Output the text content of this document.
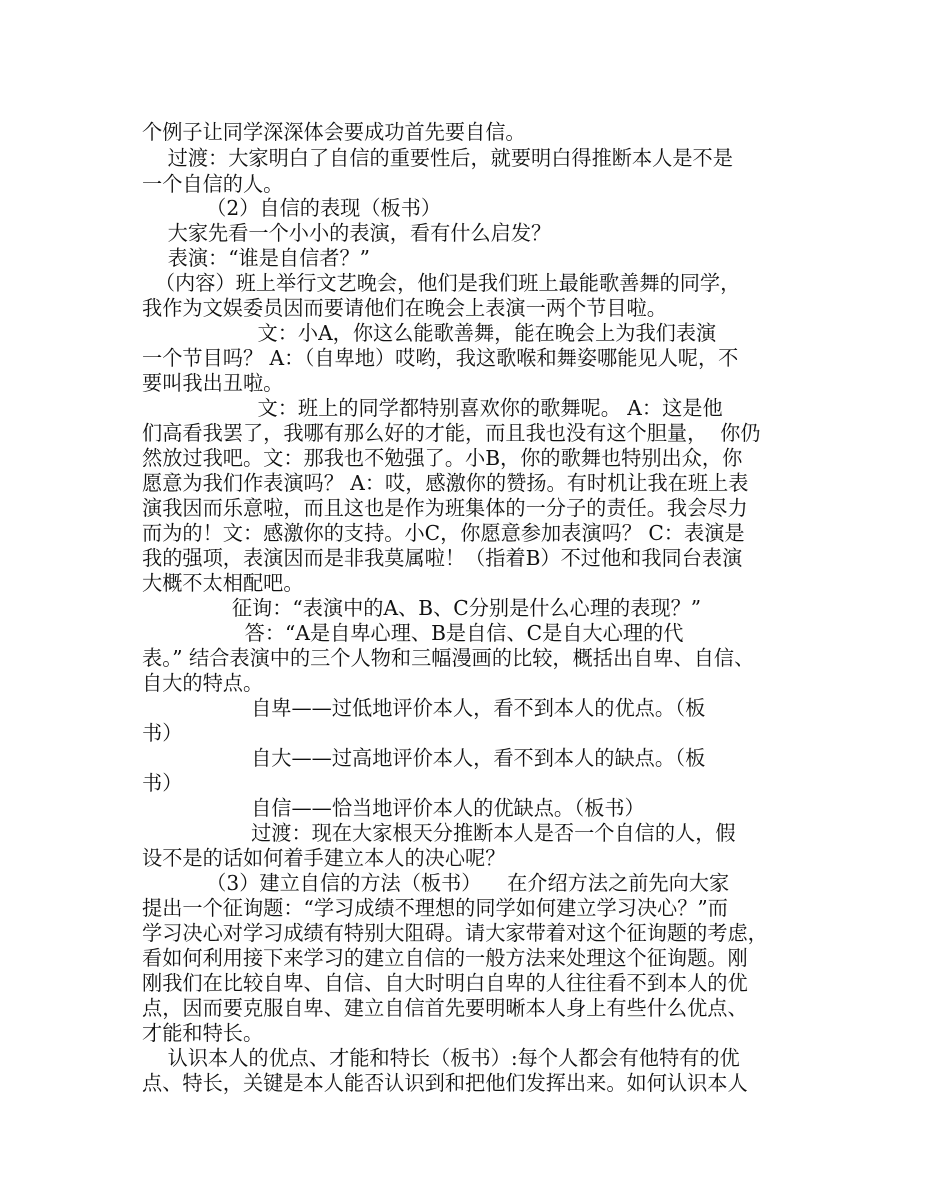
个例子让同学深深体会要成功首先要自信。
过渡：大家明白了自信的重要性后，就要明白得推断本人是不是
一个自信的人。
（2）自信的表现（板书）
大家先看一个小小的表演，看有什么启发？
表演：“谁是自信者？”
（内容）班上举行文艺晚会，他们是我们班上最能歌善舞的同学，
我作为文娱委员因而要请他们在晚会上表演一两个节目啦。
文：小A，你这么能歌善舞，能在晚会上为我们表演
一个节目吗？ A：（自卑地）哎哟，我这歌喉和舞姿哪能见人呢，不
要叫我出丑啦。
文：班上的同学都特别喜欢你的歌舞呢。 A：这是他
们高看我罢了，我哪有那么好的才能，而且我也没有这个胆量，  你仍
然放过我吧。文：那我也不勉强了。小B，你的歌舞也特别出众，你
愿意为我们作表演吗？ A：哎，感激你的赞扬。有时机让我在班上表
演我因而乐意啦，而且这也是作为班集体的一分子的责任。我会尽力
而为的！文：感激你的支持。小C，你愿意参加表演吗？ C：表演是
我的强项，表演因而是非我莫属啦！（指着B）不过他和我同台表演
大概不太相配吧。
征询：“表演中的A、B、C分别是什么心理的表现？”
答：“A是自卑心理、B是自信、C是自大心理的代
表。” 结合表演中的三个人物和三幅漫画的比较，概括出自卑、自信、
自大的特点。
自卑——过低地评价本人，看不到本人的优点。（板
书）
自大——过高地评价本人，看不到本人的缺点。（板
书）
自信——恰当地评价本人的优缺点。（板书）
过渡：现在大家根天分推断本人是否一个自信的人，假
设不是的话如何着手建立本人的决心呢？
（3）建立自信的方法（板书）    在介绍方法之前先向大家
提出一个征询题：“学习成绩不理想的同学如何建立学习决心？”而
学习决心对学习成绩有特别大阻碍。请大家带着对这个征询题的考虑，
看如何利用接下来学习的建立自信的一般方法来处理这个征询题。刚
刚我们在比较自卑、自信、自大时明白自卑的人往往看不到本人的优
点，因而要克服自卑、建立自信首先要明晰本人身上有些什么优点、
才能和特长。
认识本人的优点、才能和特长（板书）:每个人都会有他特有的优
点、特长，关键是本人能否认识到和把他们发挥出来。如何认识本人
